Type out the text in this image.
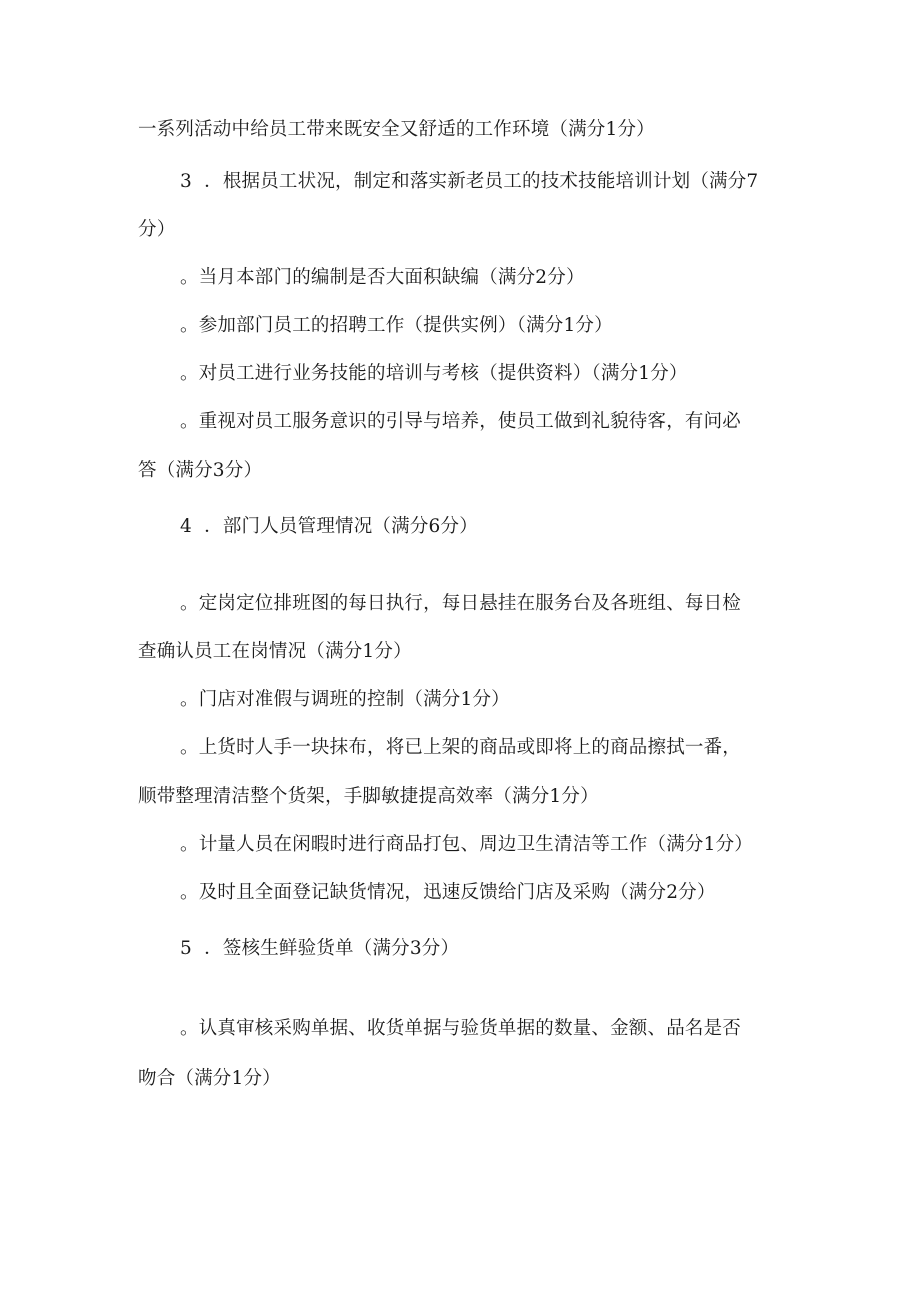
一系列活动中给员工带来既安全又舒适的工作环境（满分1分）
3  ．根据员工状况，制定和落实新老员工的技术技能培训计划（满分7
分）
。当月本部门的编制是否大面积缺编（满分2分）
。参加部门员工的招聘工作（提供实例）（满分1分）
。对员工进行业务技能的培训与考核（提供资料）（满分1分）
。重视对员工服务意识的引导与培养，使员工做到礼貌待客，有问必
答（满分3分）
4  ．部门人员管理情况（满分6分）
。定岗定位排班图的每日执行，每日悬挂在服务台及各班组、每日检
查确认员工在岗情况（满分1分）
。门店对准假与调班的控制（满分1分）
。上货时人手一块抹布，将已上架的商品或即将上的商品擦拭一番，
顺带整理清洁整个货架，手脚敏捷提高效率（满分1分）
。计量人员在闲暇时进行商品打包、周边卫生清洁等工作（满分1分）
。及时且全面登记缺货情况，迅速反馈给门店及采购（满分2分）
5  ．签核生鲜验货单（满分3分）
。认真审核采购单据、收货单据与验货单据的数量、金额、品名是否
吻合（满分1分）
